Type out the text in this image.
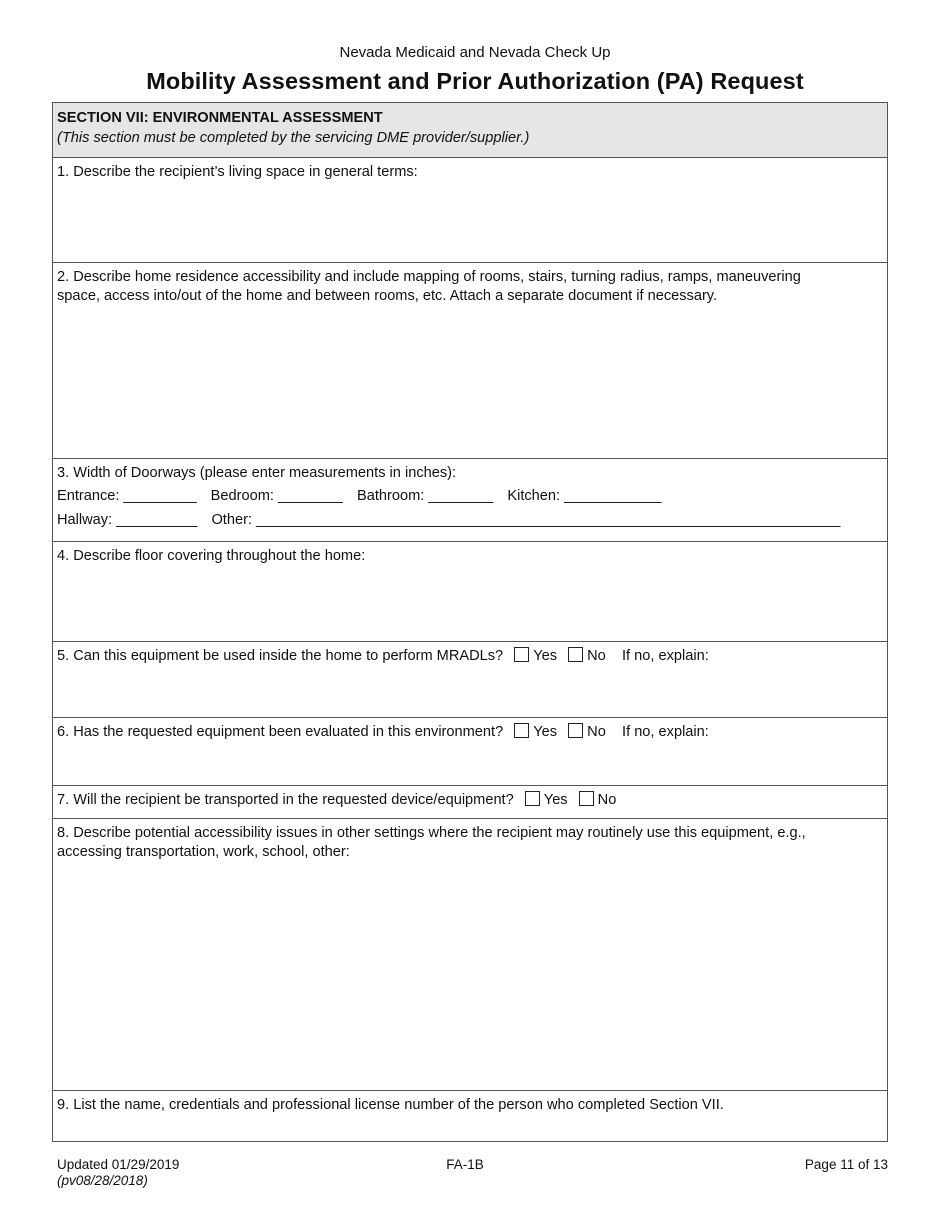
Nevada Medicaid and Nevada Check Up
Mobility Assessment and Prior Authorization (PA) Request
SECTION VII: ENVIRONMENTAL ASSESSMENT
(This section must be completed by the servicing DME provider/supplier.)
1. Describe the recipient’s living space in general terms:
2. Describe home residence accessibility and include mapping of rooms, stairs, turning radius, ramps, maneuvering
space, access into/out of the home and between rooms, etc. Attach a separate document if necessary.
3. Width of Doorways (please enter measurements in inches):
Entrance: _________ Bedroom: ________ Bathroom: ________ Kitchen: ____________
Hallway: __________ Other: ________________________________________________________________________
4. Describe floor covering throughout the home:
5. Can this equipment be used inside the home to perform MRADLs? Yes No If no, explain:
6. Has the requested equipment been evaluated in this environment? Yes No If no, explain:
7. Will the recipient be transported in the requested device/equipment? Yes No
8. Describe potential accessibility issues in other settings where the recipient may routinely use this equipment, e.g.,
accessing transportation, work, school, other:
9. List the name, credentials and professional license number of the person who completed Section VII.
Updated 01/29/2019
(pv08/28/2018)
FA-1B	Page 11 of 13
